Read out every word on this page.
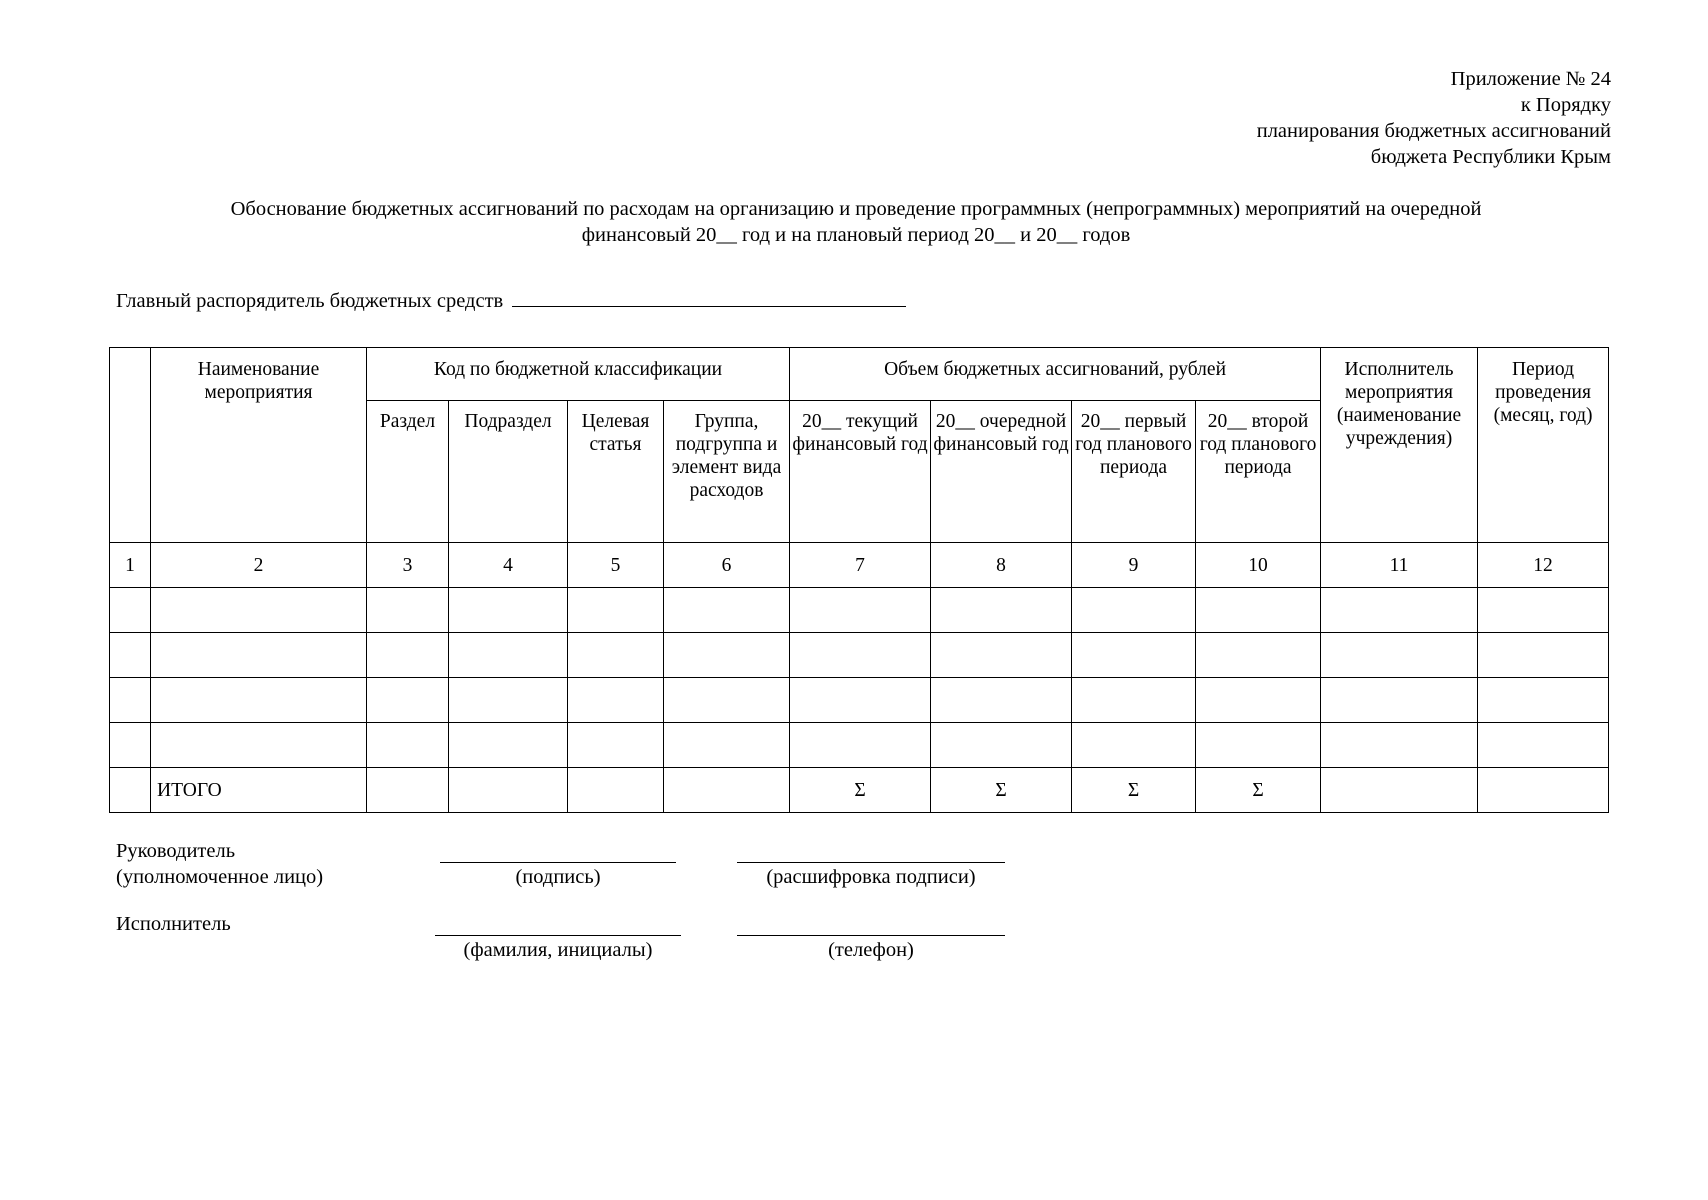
Приложение № 24
к Порядку
планирования бюджетных ассигнований
бюджета Республики Крым
Обоснование бюджетных ассигнований по расходам на организацию и проведение программных (непрограммных) мероприятий на очередной
финансовый 20__ год и на плановый период 20__ и 20__ годов
Главный распорядитель бюджетных средств
	Наименование мероприятия	Код по бюджетной классификации				Объем бюджетных ассигнований, рублей				Исполнитель мероприятия (наименование учреждения)	Период проведения (месяц, год)
		Раздел	Подраздел	Целевая статья	Группа, подгруппа и элемент вида расходов	20__ текущий финансовый год	20__ очередной финансовый год	20__ первый год планового периода	20__ второй год планового периода		
1	2	3	4	5	6	7	8	9	10	11	12

	ИТОГО					Σ	Σ	Σ	Σ		
Руководитель
(уполномоченное лицо)	(подпись)	(расшифровка подписи)
Исполнитель
(фамилия, инициалы)	(телефон)
